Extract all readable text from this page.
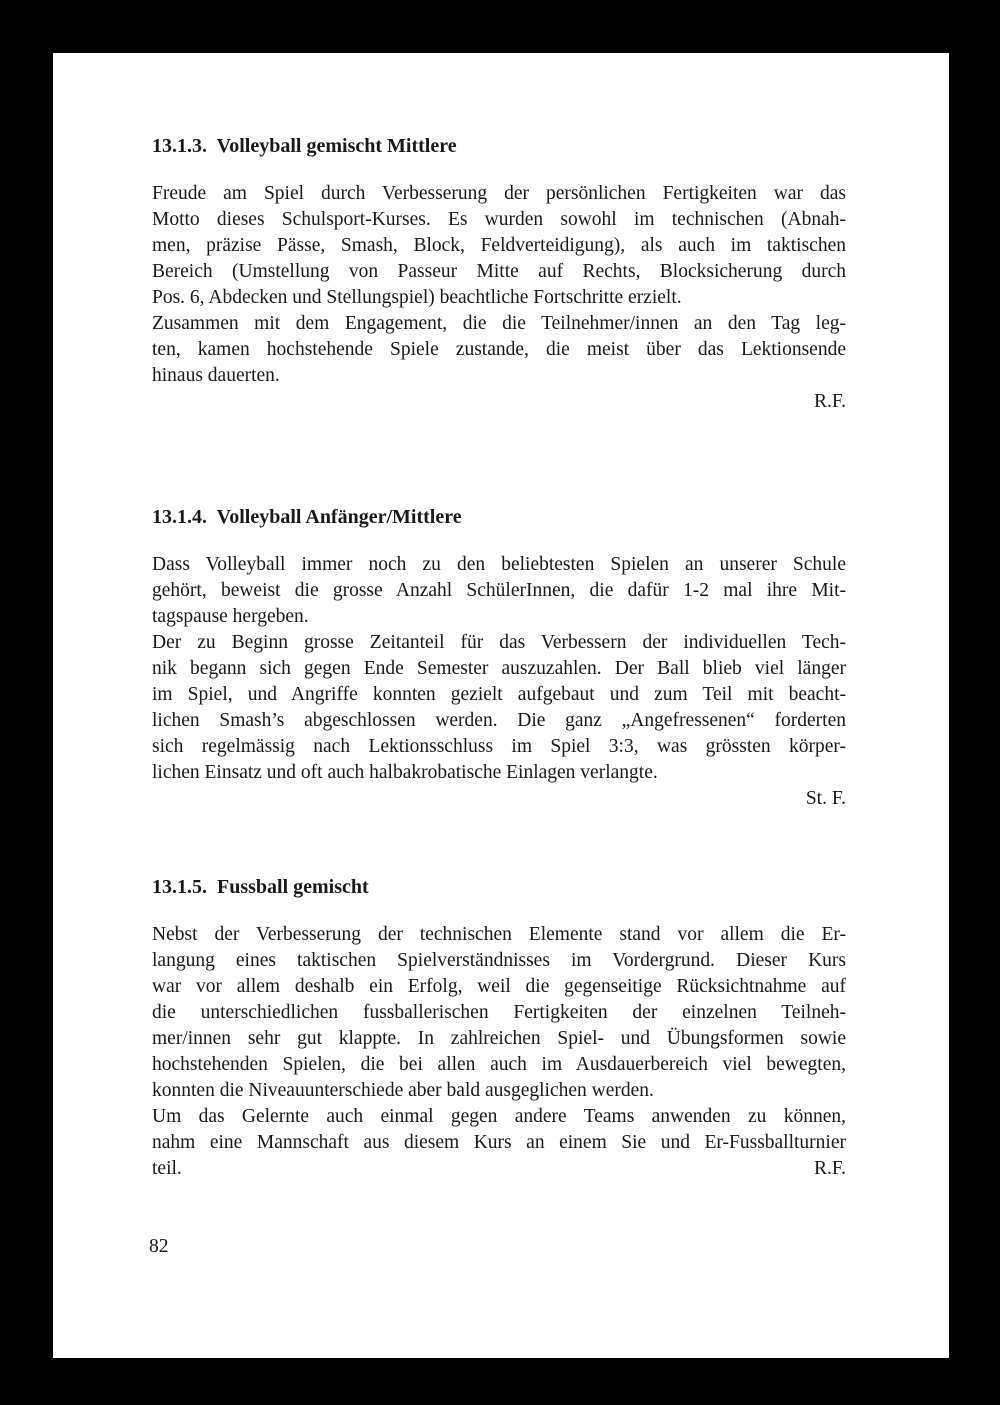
13.1.3.  Volleyball gemischt Mittlere
Freude am Spiel durch Verbesserung der persönlichen Fertigkeiten war das
Motto dieses Schulsport-Kurses. Es wurden sowohl im technischen (Abnah-
men, präzise Pässe, Smash, Block, Feldverteidigung), als auch im taktischen
Bereich (Umstellung von Passeur Mitte auf Rechts, Blocksicherung durch
Pos. 6, Abdecken und Stellungspiel) beachtliche Fortschritte erzielt.
Zusammen mit dem Engagement, die die Teilnehmer/innen an den Tag leg-
ten, kamen hochstehende Spiele zustande, die meist über das Lektionsende
hinaus dauerten.

R.F.

13.1.4.  Volleyball Anfänger/Mittlere
Dass Volleyball immer noch zu den beliebtesten Spielen an unserer Schule
gehört, beweist die grosse Anzahl SchülerInnen, die dafür 1-2 mal ihre Mit-
tagspause hergeben.
Der zu Beginn grosse Zeitanteil für das Verbessern der individuellen Tech-
nik begann sich gegen Ende Semester auszuzahlen. Der Ball blieb viel länger
im Spiel, und Angriffe konnten gezielt aufgebaut und zum Teil mit beacht-
lichen Smash’s abgeschlossen werden. Die ganz „Angefressenen“ forderten
sich regelmässig nach Lektionsschluss im Spiel 3:3, was grössten körper-
lichen Einsatz und oft auch halbakrobatische Einlagen verlangte.

St. F.

13.1.5.  Fussball gemischt
Nebst der Verbesserung der technischen Elemente stand vor allem die Er-
langung eines taktischen Spielverständnisses im Vordergrund. Dieser Kurs
war vor allem deshalb ein Erfolg, weil die gegenseitige Rücksichtnahme auf
die unterschiedlichen fussballerischen Fertigkeiten der einzelnen Teilneh-
mer/innen sehr gut klappte. In zahlreichen Spiel- und Übungsformen sowie
hochstehenden Spielen, die bei allen auch im Ausdauerbereich viel bewegten,
konnten die Niveauunterschiede aber bald ausgeglichen werden.
Um das Gelernte auch einmal gegen andere Teams anwenden zu können,
nahm eine Mannschaft aus diesem Kurs an einem Sie und Er-Fussballturnier
teil.	R.F.
82
